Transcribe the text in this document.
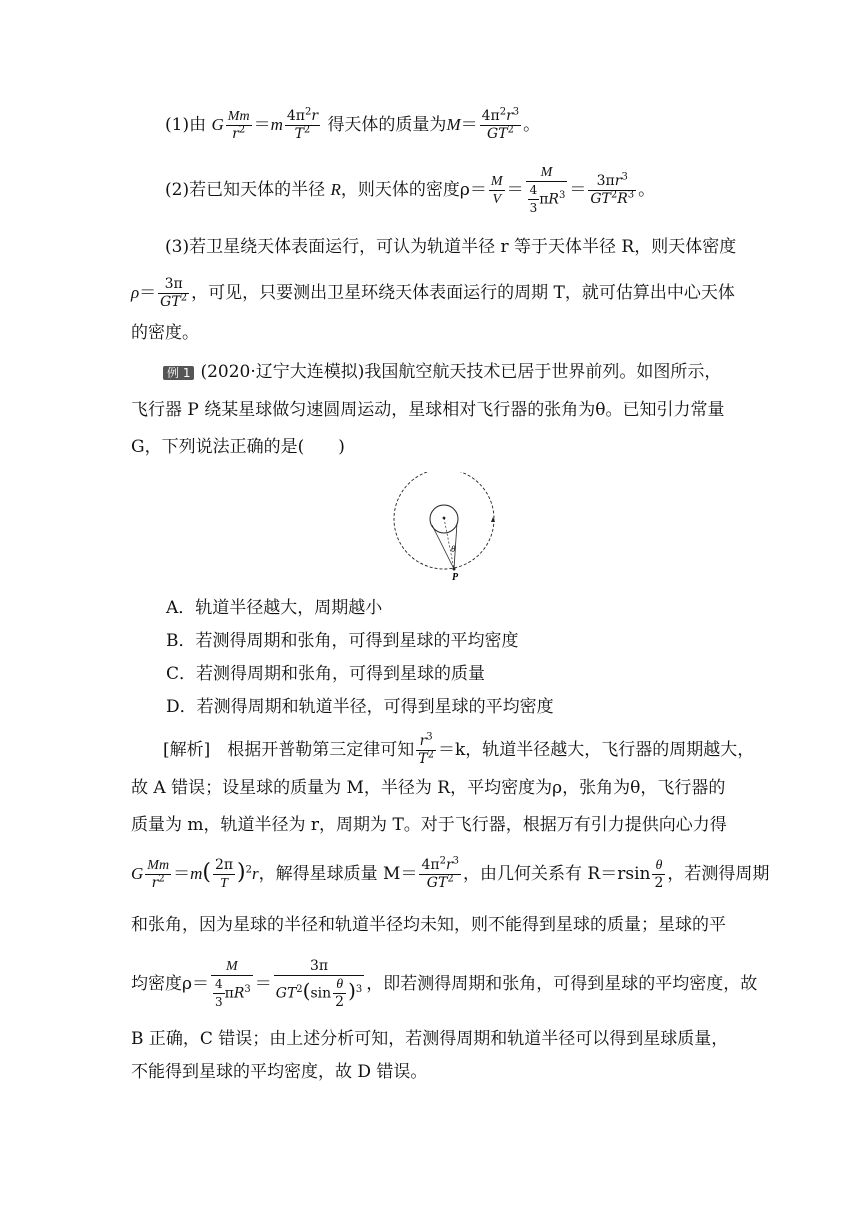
(1)由 G $\frac{Mm}{r^2} =m \frac{4\pi^2r}{T^2}$ 得天体的质量为$M= \frac{4\pi^2r^3}{GT^2}$ 。
(2)若已知天体的半径 R，则天体的密度$\rho= \frac{M}{V} = \frac{M}{\frac{4}{3} \pi R^3} = \frac{3\pi r^3}{GT^2R^3}$ 。
(3)若卫星绕天体表面运行，可认为轨道半径 r 等于天体半径 R，则天体密度
$\rho= \frac{3\pi}{GT^2}$ ，可见，只要测出卫星环绕天体表面运行的周期 T，就可估算出中心天体
的密度。
例 1 (2020·辽宁大连模拟)我国航空航天技术已居于世界前列。如图所示，
飞行器 P 绕某星球做匀速圆周运动，星球相对飞行器的张角为θ。已知引力常量
G，下列说法正确的是(　　)
θ
P
A．轨道半径越大，周期越小
B．若测得周期和张角，可得到星球的平均密度
C．若测得周期和张角，可得到星球的质量
D．若测得周期和轨道半径，可得到星球的平均密度
[解析]　 根据开普勒第三定律可知 $\frac{r^3}{T^2} =k$，轨道半径越大，飞行器的周期越大，
故 A 错误；设星球的质量为 M，半径为 R，平均密度为ρ，张角为θ，飞行器的
质量为 m，轨道半径为 r，周期为 T。对于飞行器，根据万有引力提供向心力得
G $\frac{Mm}{r^2} =m( \frac{2\pi}{T} )^2r$，解得星球质量 $M= \frac{4\pi^2r^3}{GT^2}$ ，由几何关系有 $R=rsin \frac{\theta}{2}$ ，若测得周期
和张角，因为星球的半径和轨道半径均未知，则不能得到星球的质量；星球的平
均密度$\rho= \frac{M}{\frac{4}{3} \pi R^3} = \frac{3\pi}{GT^2(\sin \frac{\theta}{2} )^3}$ ，即若测得周期和张角，可得到星球的平均密度，故
B 正确，C 错误；由上述分析可知，若测得周期和轨道半径可以得到星球质量，
不能得到星球的平均密度，故 D 错误。
